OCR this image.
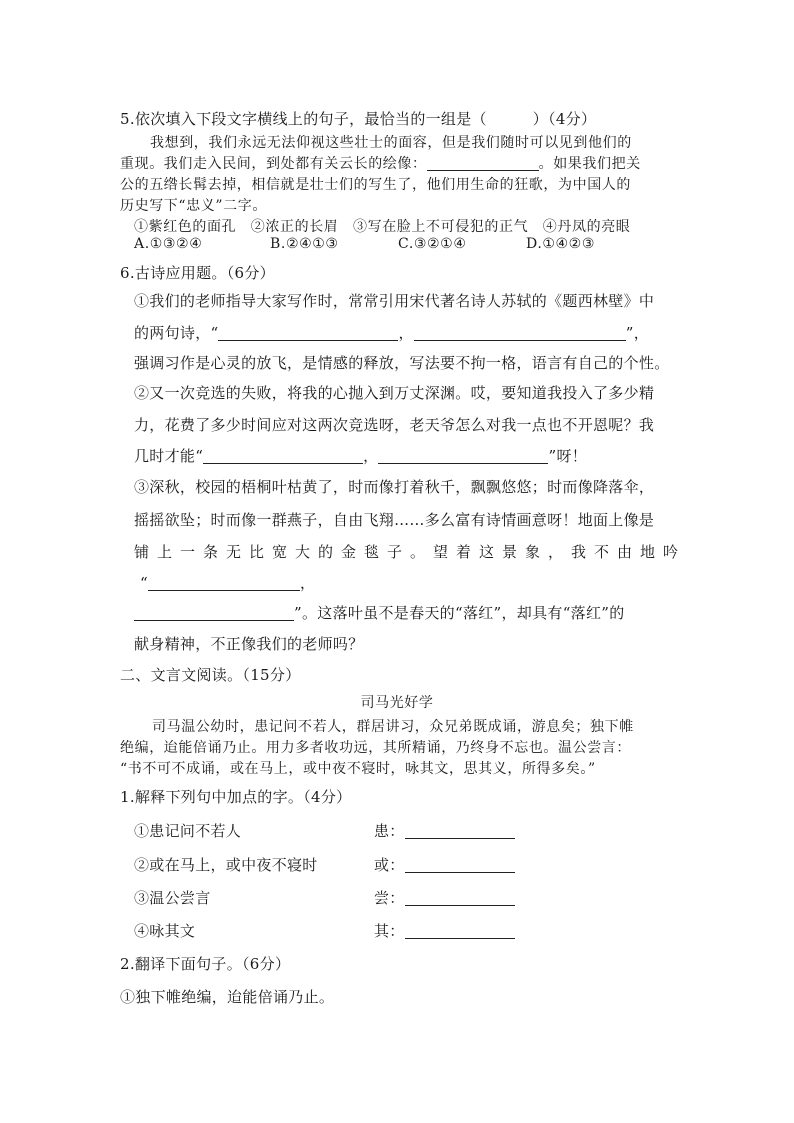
5.依次填入下段文字横线上的句子，最恰当的一组是（　　　）（4分）
我想到，我们永远无法仰视这些壮士的面容，但是我们随时可以见到他们的
重现。我们走入民间，到处都有关云长的绘像：	。如果我们把关
公的五绺长髯去掉，相信就是壮士们的写生了，他们用生命的狂歌，为中国人的
历史写下“忠义”二字。
①紫红色的面孔　②浓正的长眉　③写在脸上不可侵犯的正气　④丹凤的亮眼
A.①③②④	B.②④①③	C.③②①④	D.①④②③
6.古诗应用题。（6分）
①我们的老师指导大家写作时，常常引用宋代著名诗人苏轼的《题西林壁》中
的两句诗，“	，	”，
强调习作是心灵的放飞，是情感的释放，写法要不拘一格，语言有自己的个性。
②又一次竞选的失败，将我的心抛入到万丈深渊。哎，要知道我投入了多少精
力，花费了多少时间应对这两次竞选呀，老天爷怎么对我一点也不开恩呢？我
几时才能“	，	”呀！
③深秋，校园的梧桐叶枯黄了，时而像打着秋千，飘飘悠悠；时而像降落伞，
摇摇欲坠；时而像一群燕子，自由飞翔……多么富有诗情画意呀！地面上像是
铺上一条无比宽大的金毯子。望着这景象，我不由地吟
“	，
”。这落叶虽不是春天的“落红”，却具有“落红”的
献身精神，不正像我们的老师吗？
二、文言文阅读。（15分）
司马光好学
司马温公幼时，患记问不若人，群居讲习，众兄弟既成诵，游息矣；独下帷
绝编，迨能倍诵乃止。用力多者收功远，其所精诵，乃终身不忘也。温公尝言：
“书不可不成诵，或在马上，或中夜不寝时，咏其文，思其义，所得多矣。”
1.解释下列句中加点的字。（4分）
①患记问不若人	患：
②或在马上，或中夜不寝时	或：
③温公尝言	尝：
④咏其文	其：
2.翻译下面句子。（6分）
①独下帷绝编，迨能倍诵乃止。
